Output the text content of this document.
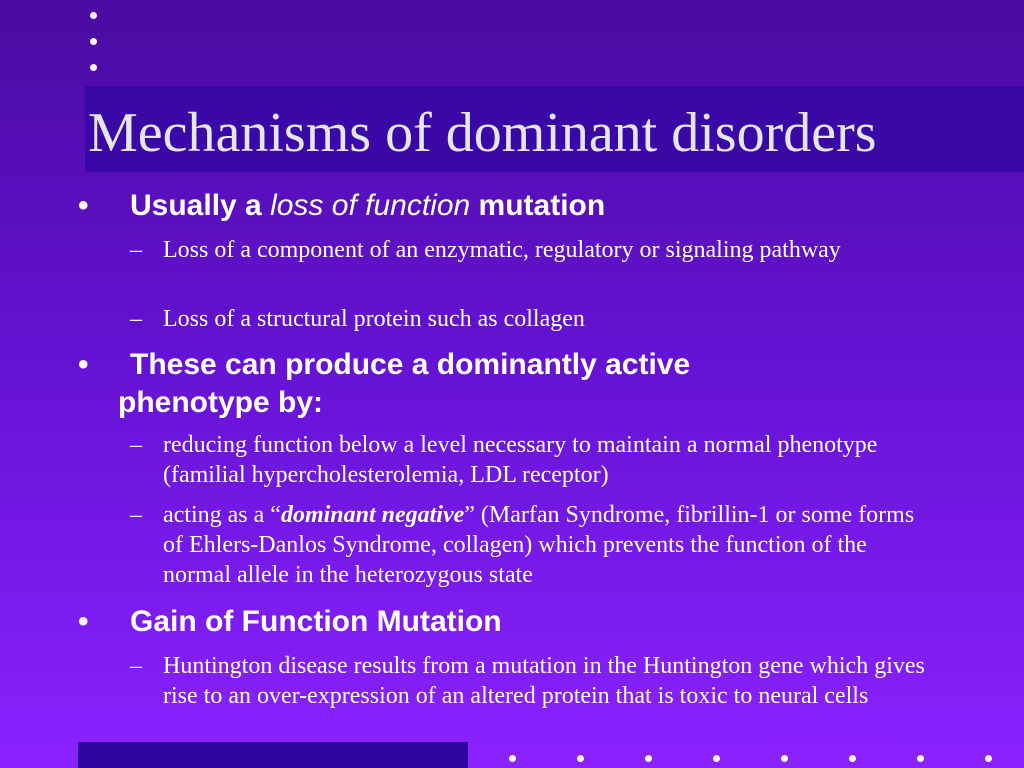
Mechanisms of dominant disorders
• Usually a loss of function mutation
– Loss of a component of an enzymatic, regulatory or signaling pathway
– Loss of a structural protein such as collagen
• These can produce a dominantly active
phenotype by:
– reducing function below a level necessary to maintain a normal phenotype (familial hypercholesterolemia, LDL receptor)
– acting as a “dominant negative” (Marfan Syndrome, fibrillin-1 or some forms of Ehlers-Danlos Syndrome, collagen) which prevents the function of the normal allele in the heterozygous state
• Gain of Function Mutation
– Huntington disease results from a mutation in the Huntington gene which gives rise to an over-expression of an altered protein that is toxic to neural cells
